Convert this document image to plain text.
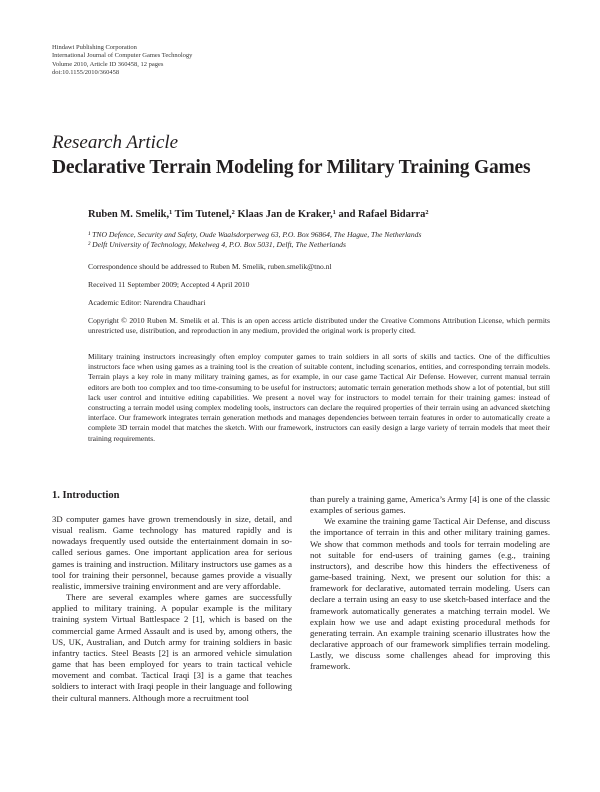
Hindawi Publishing Corporation
International Journal of Computer Games Technology
Volume 2010, Article ID 360458, 12 pages
doi:10.1155/2010/360458
Research Article
Declarative Terrain Modeling for Military Training Games
Ruben M. Smelik,¹ Tim Tutenel,² Klaas Jan de Kraker,¹ and Rafael Bidarra²
¹ TNO Defence, Security and Safety, Oude Waalsdorperweg 63, P.O. Box 96864, The Hague, The Netherlands
² Delft University of Technology, Mekelweg 4, P.O. Box 5031, Delft, The Netherlands
Correspondence should be addressed to Ruben M. Smelik, ruben.smelik@tno.nl
Received 11 September 2009; Accepted 4 April 2010
Academic Editor: Narendra Chaudhari
Copyright © 2010 Ruben M. Smelik et al. This is an open access article distributed under the Creative Commons Attribution License, which permits unrestricted use, distribution, and reproduction in any medium, provided the original work is properly cited.
Military training instructors increasingly often employ computer games to train soldiers in all sorts of skills and tactics. One of the difficulties instructors face when using games as a training tool is the creation of suitable content, including scenarios, entities, and corresponding terrain models. Terrain plays a key role in many military training games, as for example, in our case game Tactical Air Defense. However, current manual terrain editors are both too complex and too time-consuming to be useful for instructors; automatic terrain generation methods show a lot of potential, but still lack user control and intuitive editing capabilities. We present a novel way for instructors to model terrain for their training games: instead of constructing a terrain model using complex modeling tools, instructors can declare the required properties of their terrain using an advanced sketching interface. Our framework integrates terrain generation methods and manages dependencies between terrain features in order to automatically create a complete 3D terrain model that matches the sketch. With our framework, instructors can easily design a large variety of terrain models that meet their training requirements.
1. Introduction

3D computer games have grown tremendously in size, detail, and visual realism. Game technology has matured rapidly and is nowadays frequently used outside the entertainment domain in so-called serious games. One important application area for serious games is training and instruction. Military instructors use games as a tool for training their personnel, because games provide a visually realistic, immersive training environment and are very affordable.

There are several examples where games are successfully applied to military training. A popular example is the military training system Virtual Battlespace 2 [1], which is based on the commercial game Armed Assault and is used by, among others, the US, UK, Australian, and Dutch army for training soldiers in basic infantry tactics. Steel Beasts [2] is an armored vehicle simulation game that has been employed for years to train tactical vehicle movement and combat. Tactical Iraqi [3] is a game that teaches soldiers to interact with Iraqi people in their language and following their cultural manners. Although more a recruitment tool

than purely a training game, America’s Army [4] is one of the classic examples of serious games.

We examine the training game Tactical Air Defense, and discuss the importance of terrain in this and other military training games. We show that common methods and tools for terrain modeling are not suitable for end-users of training games (e.g., training instructors), and describe how this hinders the effectiveness of game-based training. Next, we present our solution for this: a framework for declarative, automated terrain modeling. Users can declare a terrain using an easy to use sketch-based interface and the framework automatically generates a matching terrain model. We explain how we use and adapt existing procedural methods for generating terrain. An example training scenario illustrates how the declarative approach of our framework simplifies terrain modeling. Lastly, we discuss some challenges ahead for improving this framework.
